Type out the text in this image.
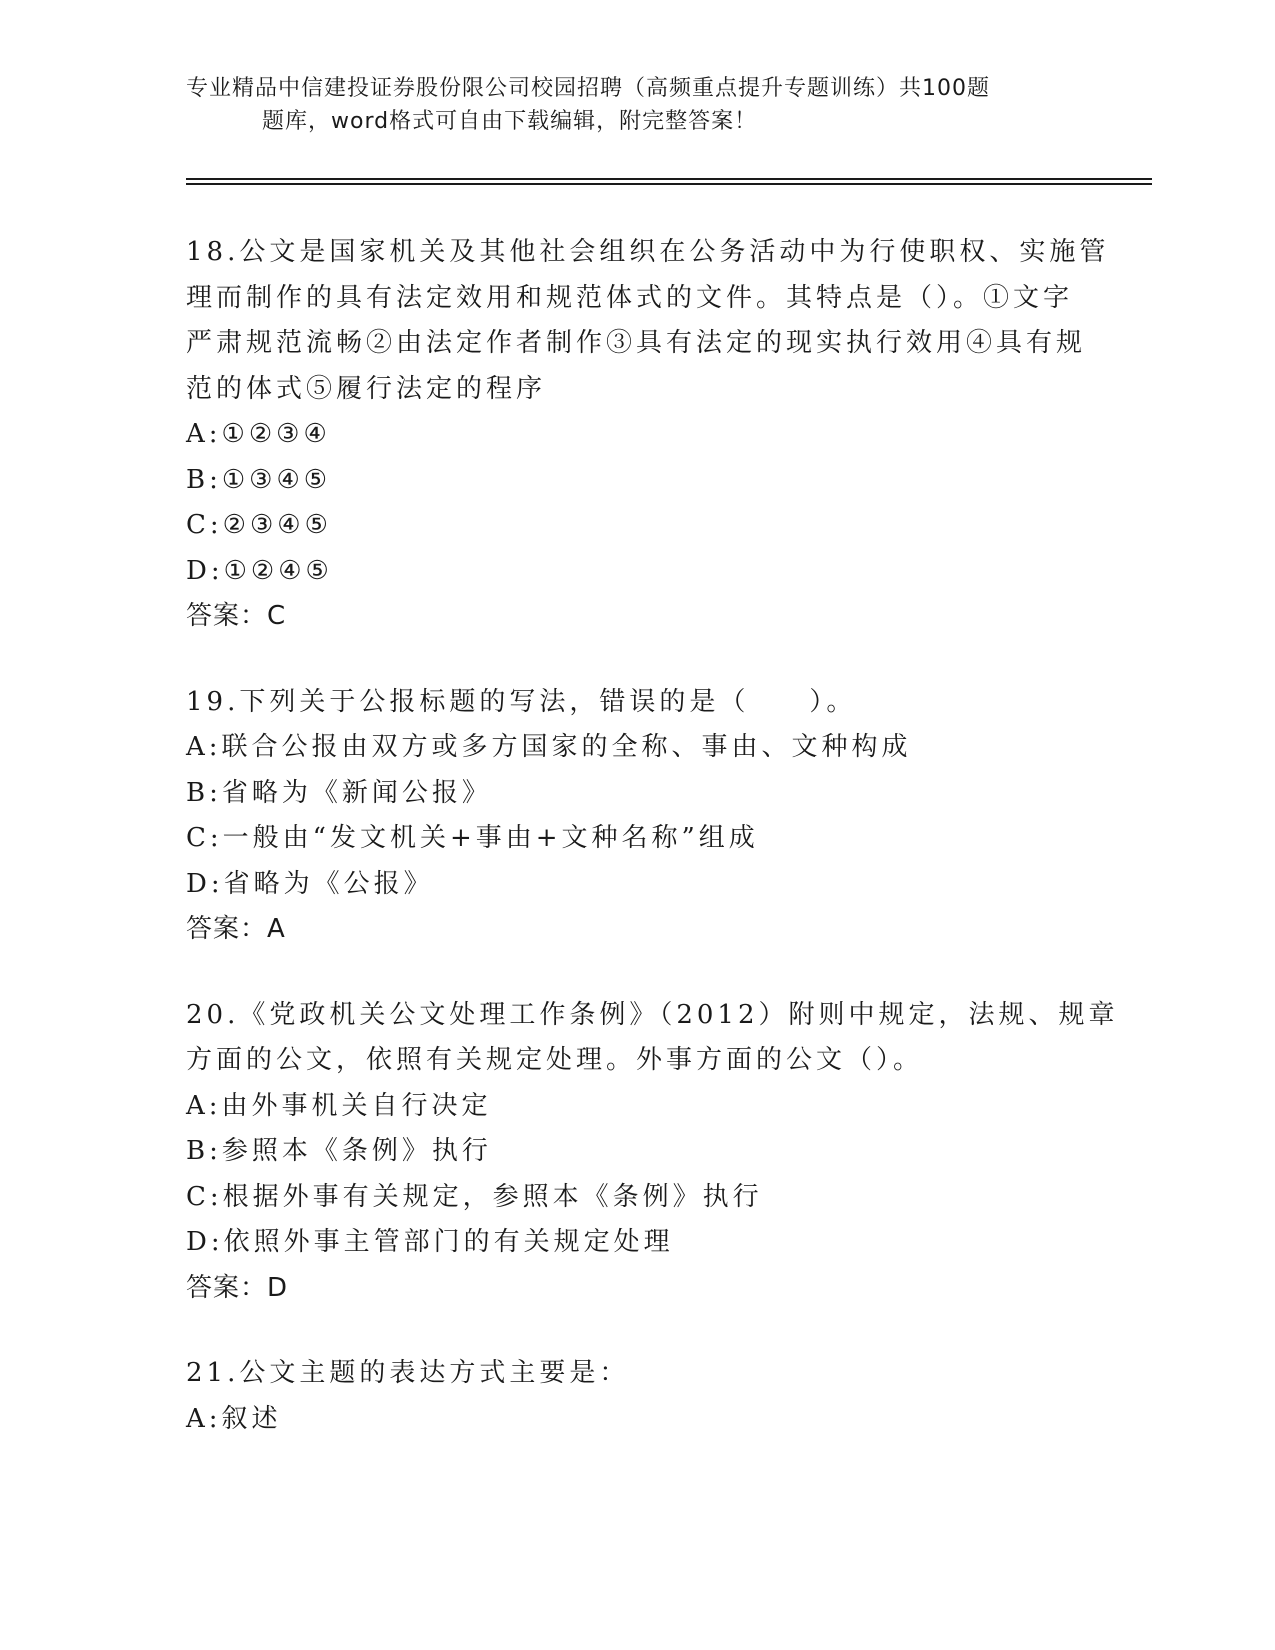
专业精品中信建投证券股份限公司校园招聘（高频重点提升专题训练）共100题
题库，word格式可自由下载编辑，附完整答案！
18.公文是国家机关及其他社会组织在公务活动中为行使职权、实施管
理而制作的具有法定效用和规范体式的文件。其特点是（）。①文字
严肃规范流畅②由法定作者制作③具有法定的现实执行效用④具有规
范的体式⑤履行法定的程序
A:①②③④
B:①③④⑤
C:②③④⑤
D:①②④⑤
答案：C
19.下列关于公报标题的写法，错误的是（　　）。
A:联合公报由双方或多方国家的全称、事由、文种构成
B:省略为《新闻公报》
C:一般由“发文机关+事由+文种名称”组成
D:省略为《公报》
答案：A
20.《党政机关公文处理工作条例》（2012）附则中规定，法规、规章
方面的公文，依照有关规定处理。外事方面的公文（）。
A:由外事机关自行决定
B:参照本《条例》执行
C:根据外事有关规定，参照本《条例》执行
D:依照外事主管部门的有关规定处理
答案：D
21.公文主题的表达方式主要是：
A:叙述
